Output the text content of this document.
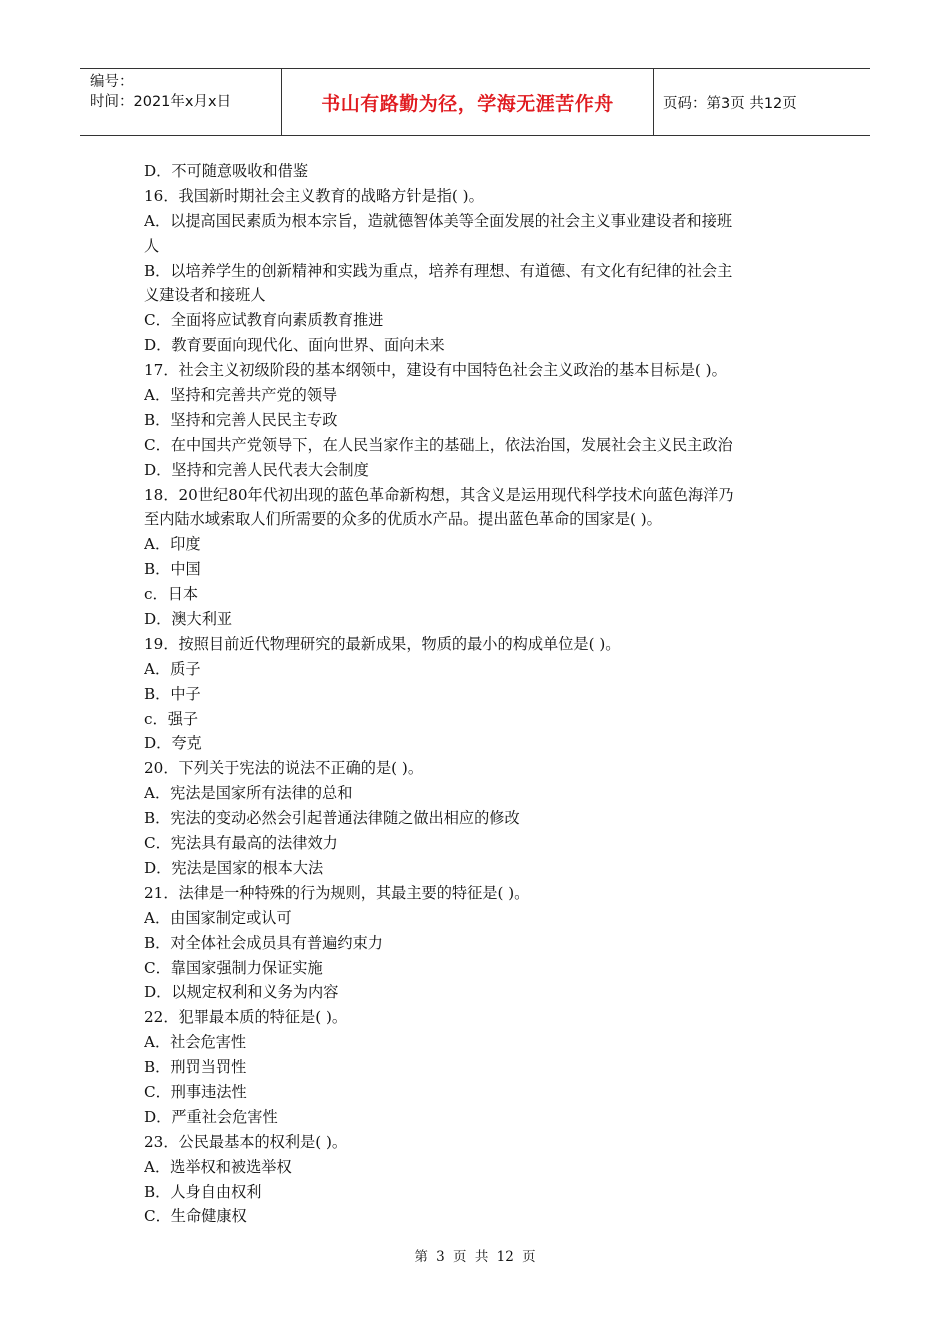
编号：
时间：2021年x月x日	书山有路勤为径，学海无涯苦作舟	页码：第3页 共12页
D．不可随意吸收和借鉴
16．我国新时期社会主义教育的战略方针是指( )。
A．以提高国民素质为根本宗旨，造就德智体美等全面发展的社会主义事业建设者和接班
人
B．以培养学生的创新精神和实践为重点，培养有理想、有道德、有文化有纪律的社会主
义建设者和接班人
C．全面将应试教育向素质教育推进
D．教育要面向现代化、面向世界、面向未来
17．社会主义初级阶段的基本纲领中，建设有中国特色社会主义政治的基本目标是( )。
A．坚持和完善共产党的领导
B．坚持和完善人民民主专政
C．在中国共产党领导下，在人民当家作主的基础上，依法治国，发展社会主义民主政治
D．坚持和完善人民代表大会制度
18．20世纪80年代初出现的蓝色革命新构想，其含义是运用现代科学技术向蓝色海洋乃
至内陆水域索取人们所需要的众多的优质水产品。提出蓝色革命的国家是( )。
A．印度
B．中国
c．日本
D．澳大利亚
19．按照目前近代物理研究的最新成果，物质的最小的构成单位是( )。
A．质子
B．中子
c．强子
D．夸克
20．下列关于宪法的说法不正确的是( )。
A．宪法是国家所有法律的总和
B．宪法的变动必然会引起普通法律随之做出相应的修改
C．宪法具有最高的法律效力
D．宪法是国家的根本大法
21．法律是一种特殊的行为规则，其最主要的特征是( )。
A．由国家制定或认可
B．对全体社会成员具有普遍约束力
C．靠国家强制力保证实施
D．以规定权利和义务为内容
22．犯罪最本质的特征是( )。
A．社会危害性
B．刑罚当罚性
C．刑事违法性
D．严重社会危害性
23．公民最基本的权利是( )。
A．选举权和被选举权
B．人身自由权利
C．生命健康权
第 3 页 共 12 页
